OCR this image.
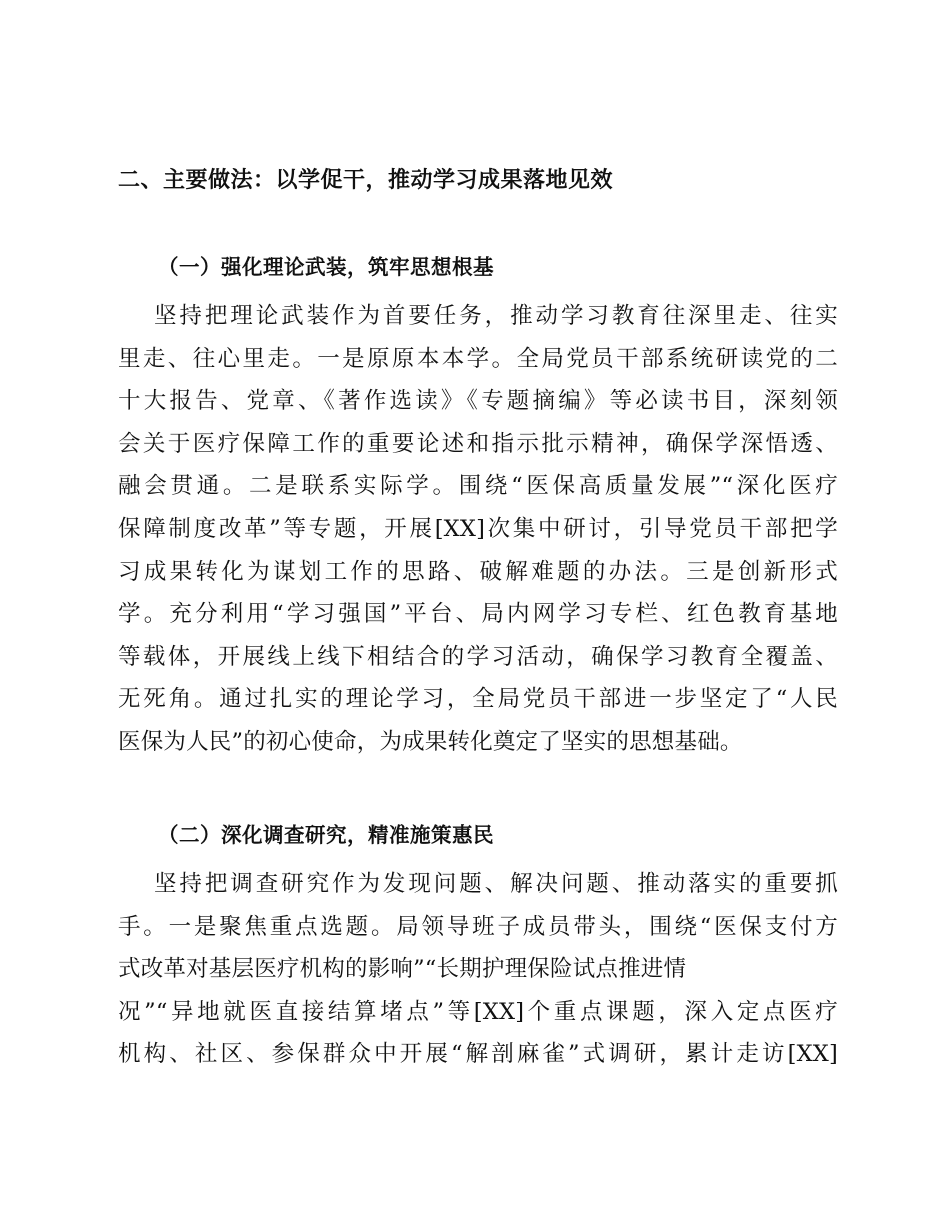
二、主要做法：以学促干，推动学习成果落地见效
（一）强化理论武装，筑牢思想根基
坚持把理论武装作为首要任务，推动学习教育往深里走、往实
里走、往心里走。一是原原本本学。全局党员干部系统研读党的二
十大报告、党章、《著作选读》《专题摘编》等必读书目，深刻领
会关于医疗保障工作的重要论述和指示批示精神，确保学深悟透、
融会贯通。二是联系实际学。围绕“医保高质量发展”“深化医疗
保障制度改革”等专题，开展[XX]次集中研讨，引导党员干部把学
习成果转化为谋划工作的思路、破解难题的办法。三是创新形式
学。充分利用“学习强国”平台、局内网学习专栏、红色教育基地
等载体，开展线上线下相结合的学习活动，确保学习教育全覆盖、
无死角。通过扎实的理论学习，全局党员干部进一步坚定了“人民
医保为人民”的初心使命，为成果转化奠定了坚实的思想基础。
（二）深化调查研究，精准施策惠民
坚持把调查研究作为发现问题、解决问题、推动落实的重要抓
手。一是聚焦重点选题。局领导班子成员带头，围绕“医保支付方
式改革对基层医疗机构的影响”“长期护理保险试点推进情
况”“异地就医直接结算堵点”等[XX]个重点课题，深入定点医疗
机构、社区、参保群众中开展“解剖麻雀”式调研，累计走访[XX]
